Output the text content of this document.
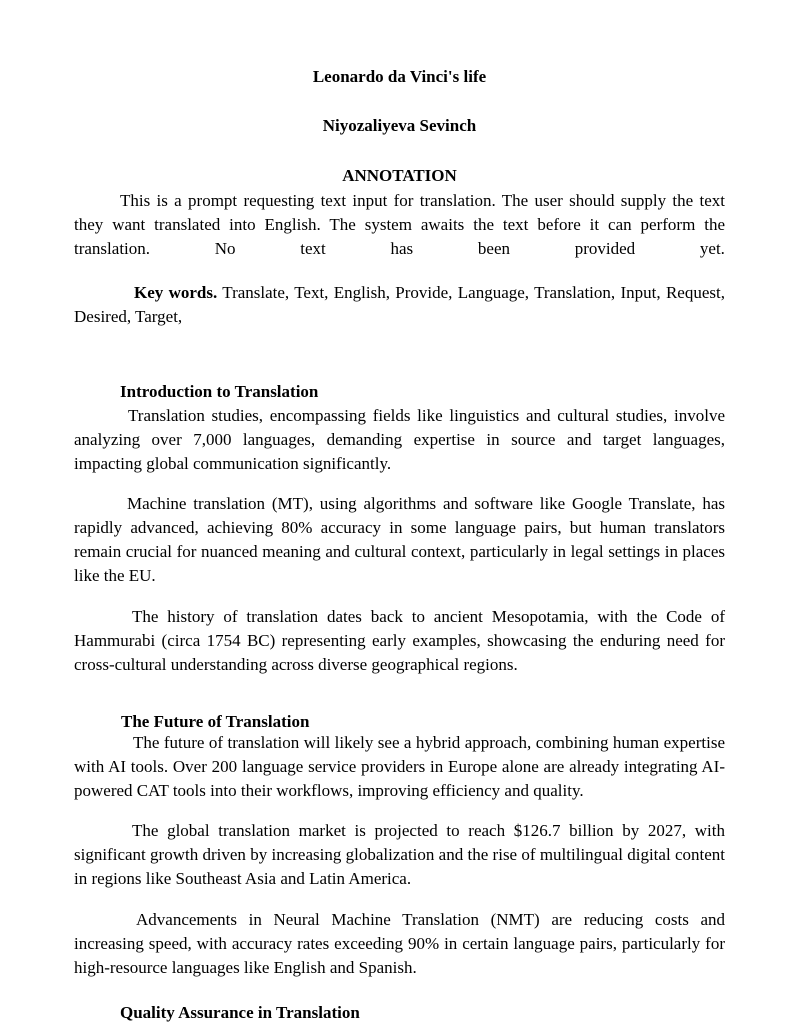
Leonardo da Vinci's life
Niyozaliyeva Sevinch
ANNOTATION
This is a prompt requesting text input for translation. The user should supply the text they want translated into English. The system awaits the text before it can perform the
translation.	No	text	has	been	provided	yet.

Key words. Translate, Text, English, Provide, Language, Translation, Input, Request, Desired, Target,

Introduction to Translation

Translation studies, encompassing fields like linguistics and cultural studies, involve analyzing over 7,000 languages, demanding expertise in source and target languages, impacting global communication significantly.

Machine translation (MT), using algorithms and software like Google Translate, has rapidly advanced, achieving 80% accuracy in some language pairs, but human translators remain crucial for nuanced meaning and cultural context, particularly in legal settings in places like the EU.

The history of translation dates back to ancient Mesopotamia, with the Code of Hammurabi (circa 1754 BC) representing early examples, showcasing the enduring need for cross-cultural understanding across diverse geographical regions.

The Future of Translation

The future of translation will likely see a hybrid approach, combining human expertise with AI tools. Over 200 language service providers in Europe alone are already integrating AI-powered CAT tools into their workflows, improving efficiency and quality.

The global translation market is projected to reach $126.7 billion by 2027, with significant growth driven by increasing globalization and the rise of multilingual digital content in regions like Southeast Asia and Latin America.

Advancements in Neural Machine Translation (NMT) are reducing costs and increasing speed, with accuracy rates exceeding 90% in certain language pairs, particularly for high-resource languages like English and Spanish.

Quality Assurance in Translation
